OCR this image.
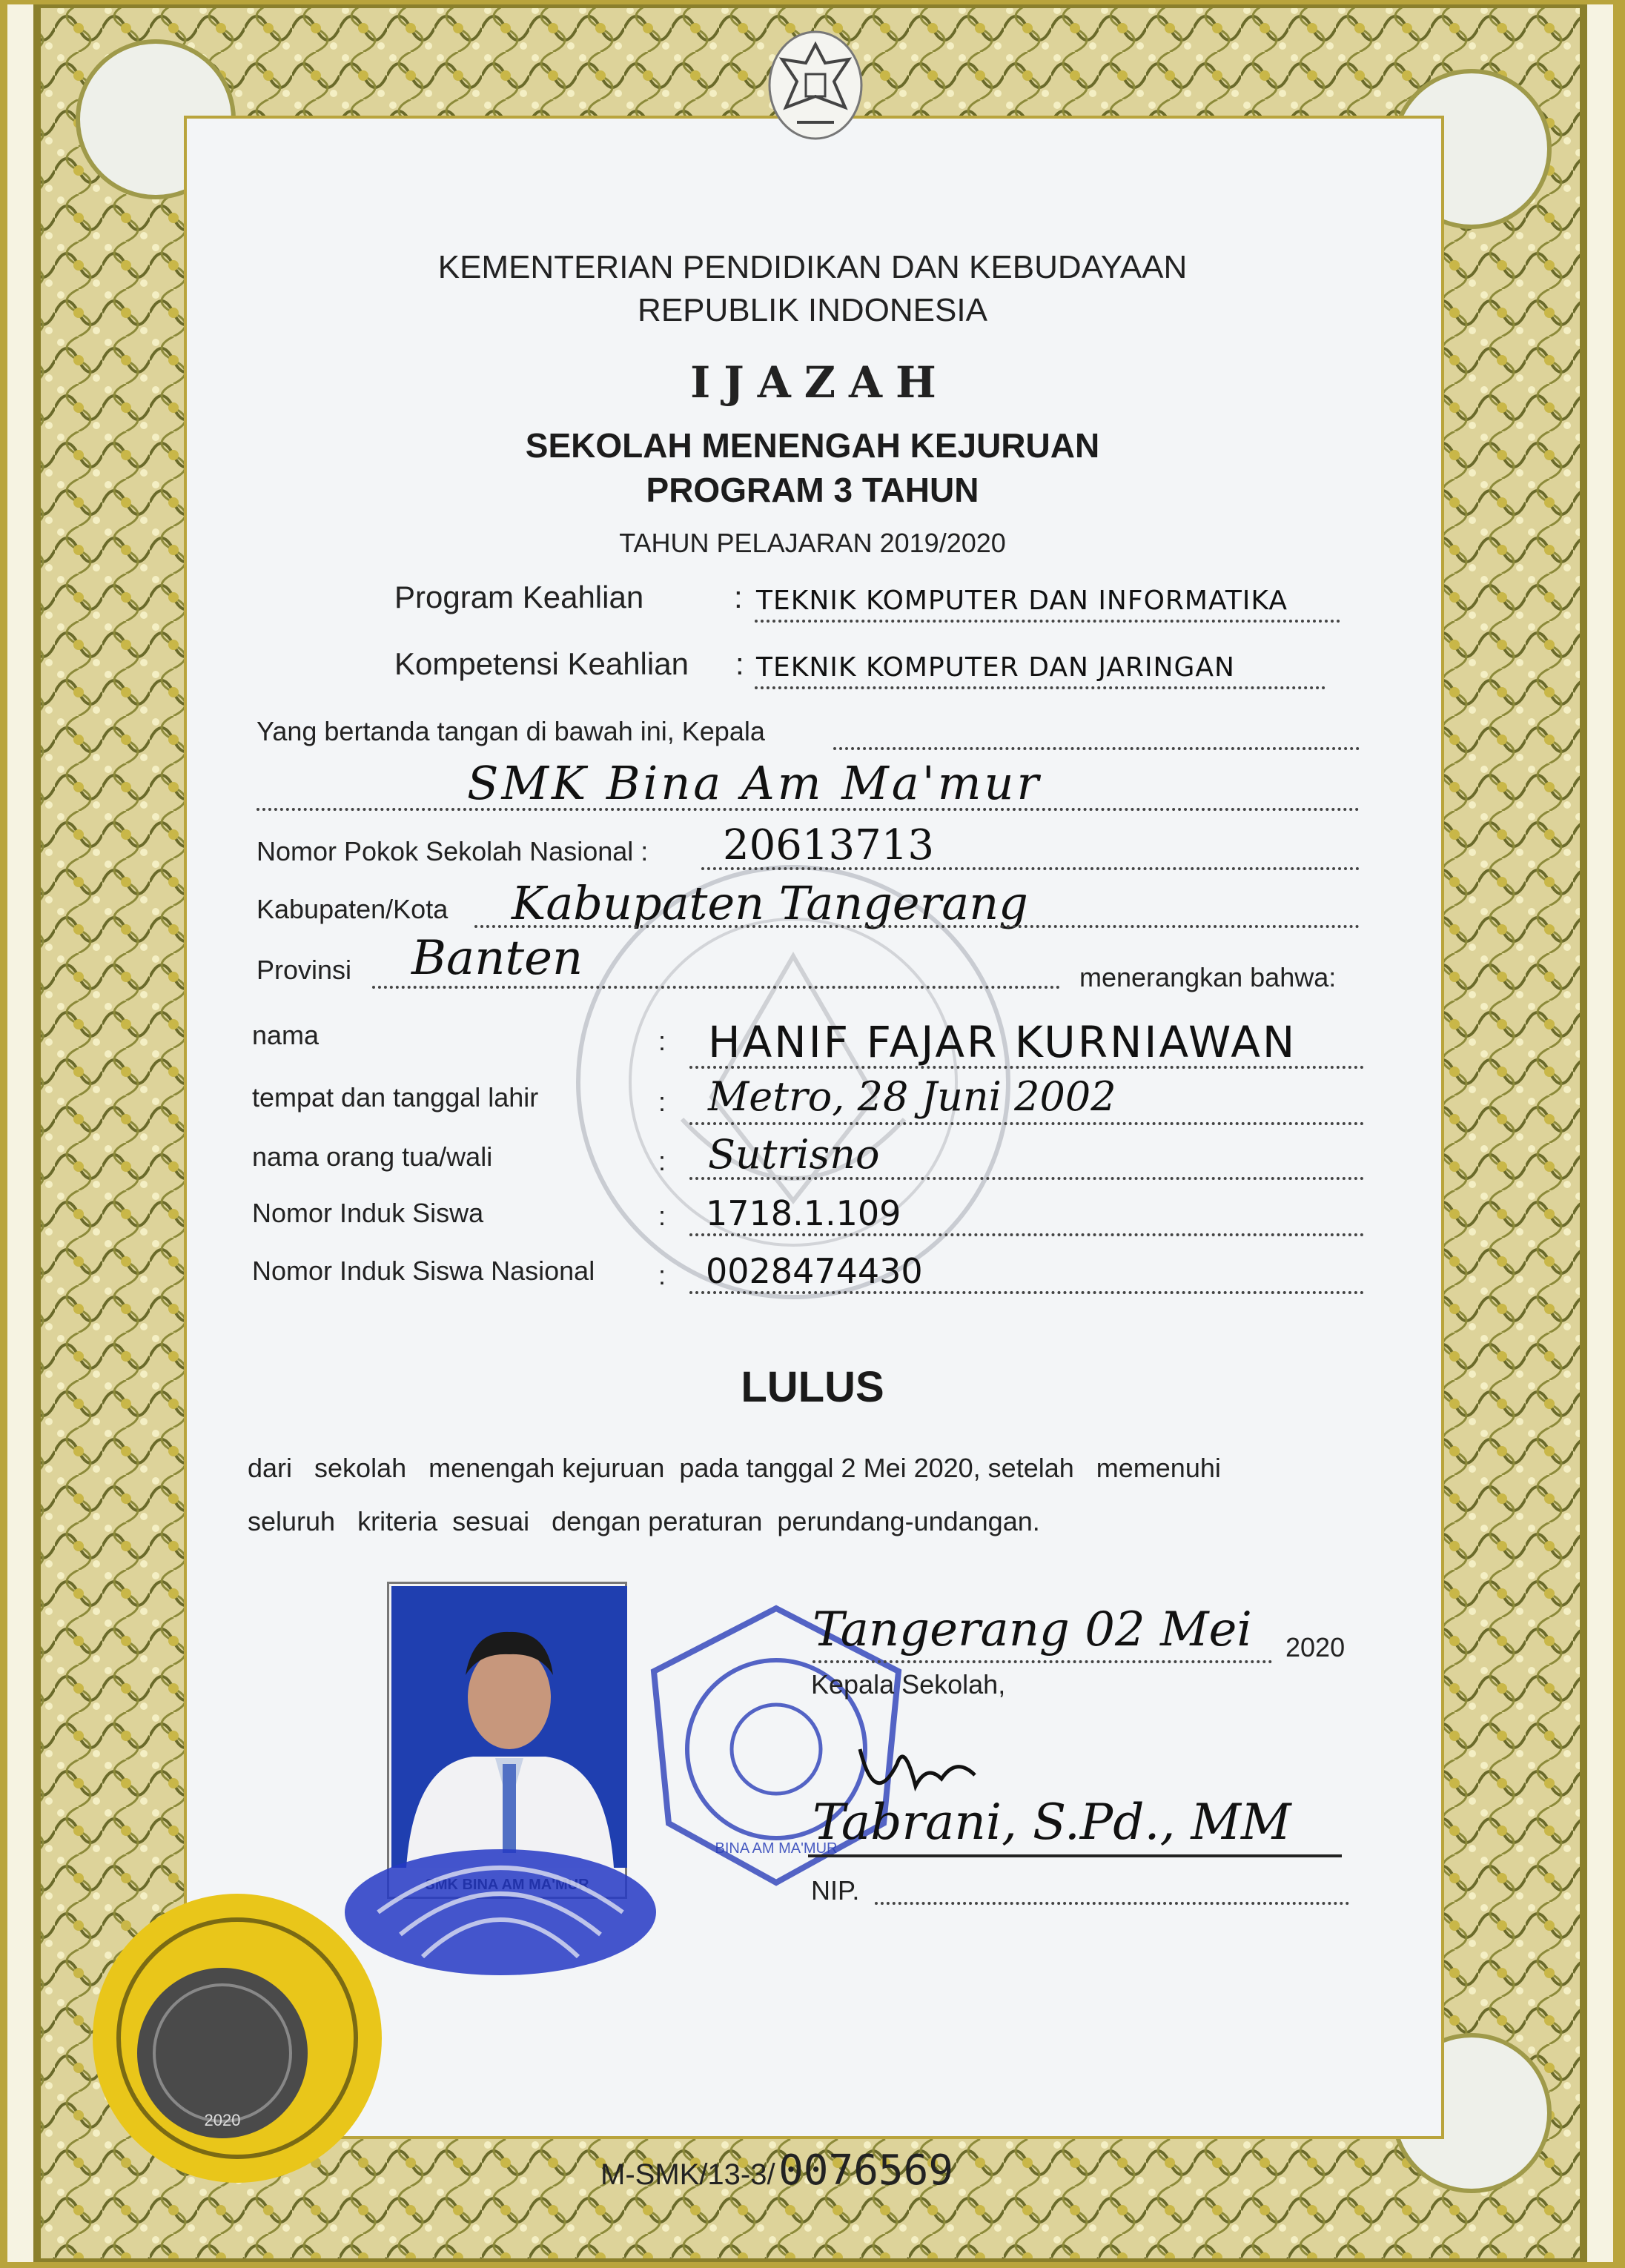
KEMENTERIAN PENDIDIKAN DAN KEBUDAYAAN
REPUBLIK INDONESIA
IJAZAH
SEKOLAH MENENGAH KEJURUAN
PROGRAM 3 TAHUN
TAHUN PELAJARAN 2019/2020
Program Keahlian	: TEKNIK KOMPUTER DAN INFORMATIKA
Kompetensi Keahlian : TEKNIK KOMPUTER DAN JARINGAN
Yang bertanda tangan di bawah ini, Kepala
SMK Bina Am Ma'mur
Nomor Pokok Sekolah Nasional : 20613713
Kabupaten/Kota Kabupaten Tangerang
Provinsi Banten	menerangkan bahwa:
nama	: HANIF FAJAR KURNIAWAN
tempat dan tanggal lahir	: Metro, 28 Juni 2002
nama orang tua/wali	: Sutrisno
Nomor Induk Siswa	: 1718.1.109
Nomor Induk Siswa Nasional : 0028474430
LULUS
dari   sekolah   menengah kejuruan  pada tanggal 2 Mei 2020, setelah   memenuhi
seluruh   kriteria  sesuai   dengan peraturan  perundang-undangan.
BINA AM MA'MUR
Tangerang 02 Mei 2020
Kepala Sekolah,
Tabrani, S.Pd., MM
NIP.
2020
M-SMK/13-3/ 0076569
